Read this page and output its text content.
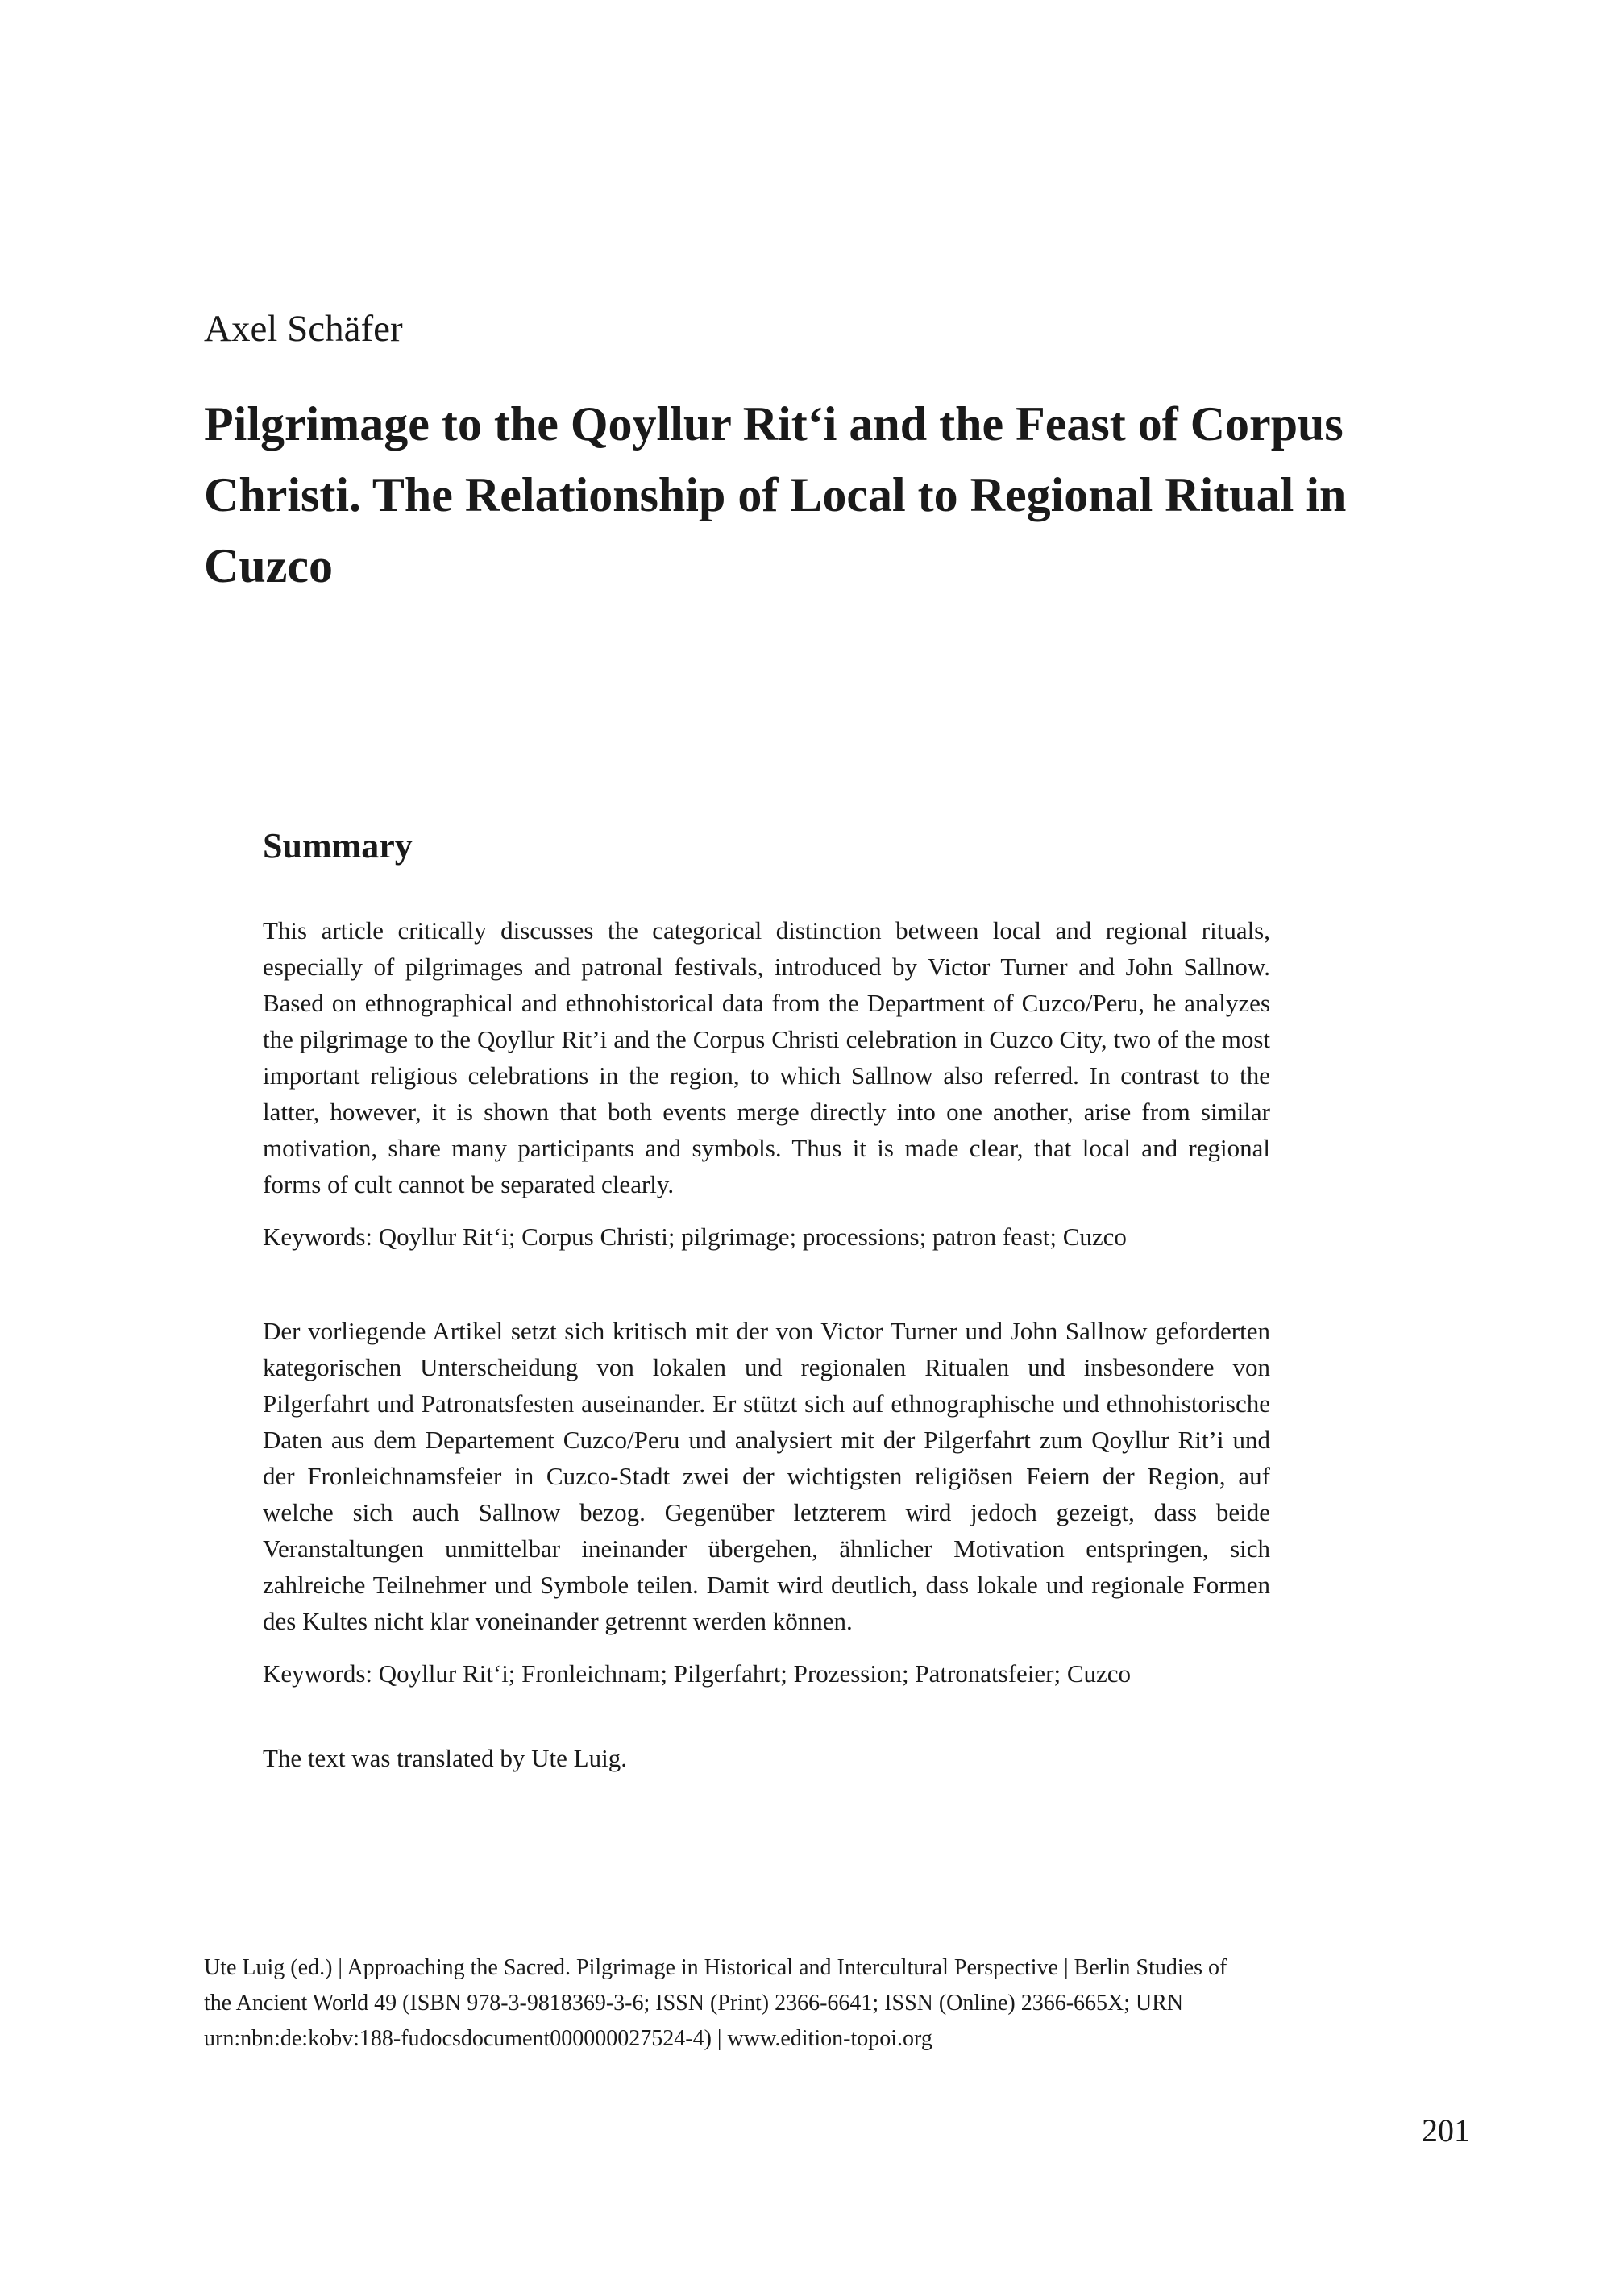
Axel Schäfer
Pilgrimage to the Qoyllur Rit‘i and the Feast of Corpus Christi. The Relationship of Local to Regional Ritual in Cuzco
Summary

This article critically discusses the categorical distinction between local and regional rituals, especially of pilgrimages and patronal festivals, introduced by Victor Turner and John Sallnow. Based on ethnographical and ethnohistorical data from the Department of Cuzco/Peru, he analyzes the pilgrimage to the Qoyllur Rit’i and the Corpus Christi celebration in Cuzco City, two of the most important religious celebrations in the region, to which Sallnow also referred. In contrast to the latter, however, it is shown that both events merge directly into one another, arise from similar motivation, share many participants and symbols. Thus it is made clear, that local and regional forms of cult cannot be separated clearly.

Keywords: Qoyllur Rit‘i; Corpus Christi; pilgrimage; processions; patron feast; Cuzco

Der vorliegende Artikel setzt sich kritisch mit der von Victor Turner und John Sallnow geforderten kategorischen Unterscheidung von lokalen und regionalen Ritualen und insbesondere von Pilgerfahrt und Patronatsfesten auseinander. Er stützt sich auf ethnographische und ethnohistorische Daten aus dem Departement Cuzco/Peru und analysiert mit der Pilgerfahrt zum Qoyllur Rit’i und der Fronleichnamsfeier in Cuzco-Stadt zwei der wichtigsten religiösen Feiern der Region, auf welche sich auch Sallnow bezog. Gegenüber letzterem wird jedoch gezeigt, dass beide Veranstaltungen unmittelbar ineinander übergehen, ähnlicher Motivation entspringen, sich zahlreiche Teilnehmer und Symbole teilen. Damit wird deutlich, dass lokale und regionale Formen des Kultes nicht klar voneinander getrennt werden können.

Keywords: Qoyllur Rit‘i; Fronleichnam; Pilgerfahrt; Prozession; Patronatsfeier; Cuzco

The text was translated by Ute Luig.

Ute Luig (ed.) | Approaching the Sacred. Pilgrimage in Historical and Intercultural Perspective | Berlin Studies of the Ancient World 49 (ISBN 978-3-9818369-3-6; ISSN (Print) 2366-6641; ISSN (Online) 2366-665X; URN urn:nbn:de:kobv:188-fudocsdocument000000027524-4) | www.edition-topoi.org

201
